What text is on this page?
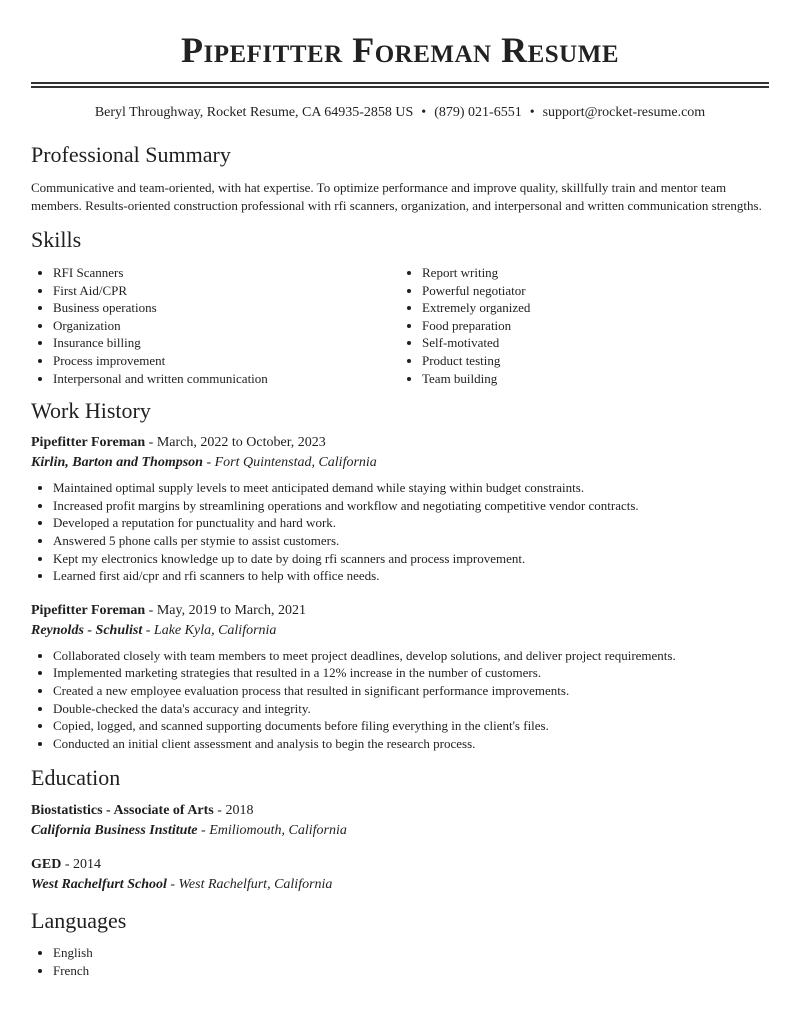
Pipefitter Foreman Resume
Beryl Throughway, Rocket Resume, CA 64935-2858 US • (879) 021-6551 • support@rocket-resume.com
Professional Summary

Communicative and team-oriented, with hat expertise. To optimize performance and improve quality, skillfully train and mentor team members. Results-oriented construction professional with rfi scanners, organization, and interpersonal and written communication strengths.

Skills
• RFI Scanners
• First Aid/CPR
• Business operations
• Organization
• Insurance billing
• Process improvement
• Interpersonal and written communication
• Report writing
• Powerful negotiator
• Extremely organized
• Food preparation
• Self-motivated
• Product testing
• Team building
Work History
Pipefitter Foreman - March, 2022 to October, 2023
Kirlin, Barton and Thompson - Fort Quintenstad, California
• Maintained optimal supply levels to meet anticipated demand while staying within budget constraints.
• Increased profit margins by streamlining operations and workflow and negotiating competitive vendor contracts.
• Developed a reputation for punctuality and hard work.
• Answered 5 phone calls per stymie to assist customers.
• Kept my electronics knowledge up to date by doing rfi scanners and process improvement.
• Learned first aid/cpr and rfi scanners to help with office needs.
Pipefitter Foreman - May, 2019 to March, 2021
Reynolds - Schulist - Lake Kyla, California
• Collaborated closely with team members to meet project deadlines, develop solutions, and deliver project requirements.
• Implemented marketing strategies that resulted in a 12% increase in the number of customers.
• Created a new employee evaluation process that resulted in significant performance improvements.
• Double-checked the data's accuracy and integrity.
• Copied, logged, and scanned supporting documents before filing everything in the client's files.
• Conducted an initial client assessment and analysis to begin the research process.
Education
Biostatistics - Associate of Arts - 2018
California Business Institute - Emiliomouth, California
GED - 2014
West Rachelfurt School - West Rachelfurt, California
Languages
• English
• French
